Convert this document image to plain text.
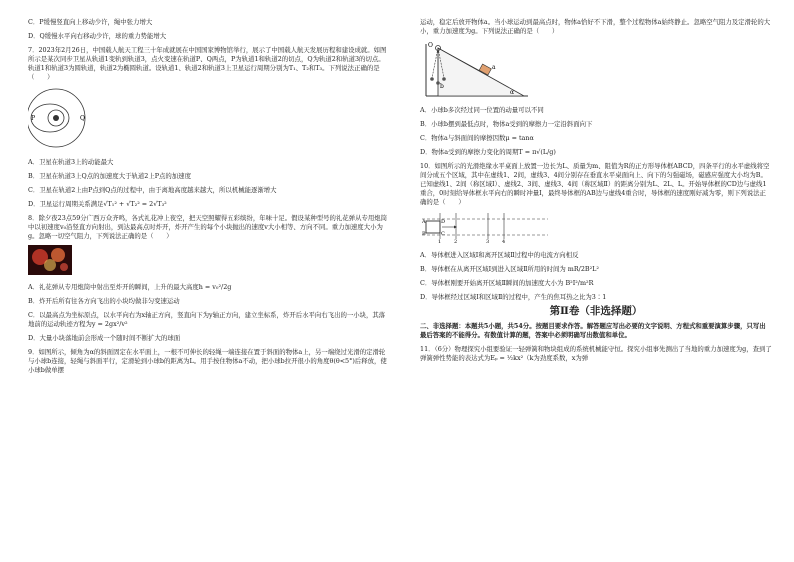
C．P缓慢竖直向上移动少许，绳中张力增大

D．Q缓慢水平向右移动少许，球的重力势能增大

7．2023年2月26日，中国载人航天工程三十年成就展在中国国家博物馆举行，展示了中国载人航天发展历程和建设成就。如图所示是某次同步卫星从轨道1变轨到轨道3，点火变速在轨道P、Q两点，P为轨道1和轨道2的切点，Q为轨道2和轨道3的切点。轨道1和轨道3为圆轨道，轨道2为椭圆轨道。设轨道1、轨道2和轨道3上卫星运行周期分别为T₁、T₂和T₃。下列说法正确的是（　　）

P	Q

A．卫星在轨道3上的动能最大

B．卫星在轨道3上Q点的加速度大于轨道2上P点的加速度

C．卫星在轨道2上由P点到Q点的过程中，由于离地高度越来越大，所以机械能逐渐增大

D．卫星运行周期关系满足√T₁² + √T₂² = 2√T₃²

8．除夕夜23点59分广西万众齐鸣，各式礼花冲上夜空，把天空照耀得五彩缤纷，年味十足。假设某种型号的礼花弹从专用炮筒中以初速度v₀沿竖直方向射出，到达最高点时炸开，炸开产生的每个小块抛出的速度v大小相等、方向不同。重力加速度大小为g。忽略一切空气阻力，下列说法正确的是（　　）

A．礼花弹从专用炮筒中射出至炸开的瞬间，上升的最大高度h = v₀²/2g

B．炸开后所有往各方向飞出的小块均做非匀变速运动

C．以最高点为坐标原点，以水平向右为x轴正方向，竖直向下为y轴正方向，建立坐标系，炸开后水平向右飞出的一小块，其落地前的运动轨迹方程为y = 2gx²/v²

D．大量小块落地前会形成一个随时间不断扩大的球面

9．如图所示，倾角为α的斜面固定在水平面上，一根不可伸长的轻绳一端连接在置于斜面的物体a上，另一端绕过光滑的定滑轮与小球b连接，轻绳与斜面平行，定滑轮到小球b的距离为L。用手按住物体a不动，把小球b拉开很小的角度θ(θ<5°)后释放，使小球b做单摆

运动，稳定后放开物体a。当小球运动到最高点时，物体a恰好不下滑，整个过程物体a始终静止。忽略空气阻力及定滑轮的大小，重力加速度为g。下列说法正确的是（　　）

O
b
a
α

A．小球b多次经过同一位置的动量可以不同

B．小球b摆到最低点时，物体a受到的摩擦力一定沿斜面向下

C．物体a与斜面间的摩擦因数μ = tanα

D．物体a受到的摩擦力变化的周期T = π√(L/g)

10．如图所示的光滑绝缘水平桌面上放置一边长为L、质量为m、阻值为R的正方形导体框ABCD，四条平行的水平虚线将空间分成五个区域，其中在虚线1、2间，虚线3、4间分别存在垂直水平桌面向上、向下的匀强磁场，磁感应强度大小均为B。已知虚线1、2间（称区域Ⅰ）、虚线2、3间、虚线3、4间（称区域Ⅱ）的距离分别为L、2L、L。开始导体框的CD边与虚线1重合，0时刻给导体框水平向右的瞬时冲量I，最终导体框的AB边与虚线4重合时，导体框的速度刚好减为零，则下列说法正确的是（　　）

A
B
D
C
1	2	3	4

A．导体框进入区域Ⅰ和离开区域Ⅱ过程中的电流方向相反

B．导体框在从离开区域Ⅰ到进入区域Ⅱ所用的时间为 mR/2B²L²

C．导体框刚要开始离开区域Ⅱ瞬间的加速度大小为 B²I²/m²R

D．导体框经过区域Ⅰ和区域Ⅱ的过程中，产生的焦耳热之比为3∶1

第Ⅱ卷（非选择题）

二、非选择题：本题共5小题，共54分。按题目要求作答。解答题应写出必要的文字说明、方程式和重要演算步骤，只写出最后答案的不能得分。有数值计算的题，答案中必须明确写出数值和单位。

11．（6分）物理探究小组要验证一轻弹簧和物块组成的系统机械能守恒。探究小组事先测出了当地的重力加速度为g，查到了弹簧弹性势能的表达式为Eₚ = ½kx²（k为劲度系数，x为弹
